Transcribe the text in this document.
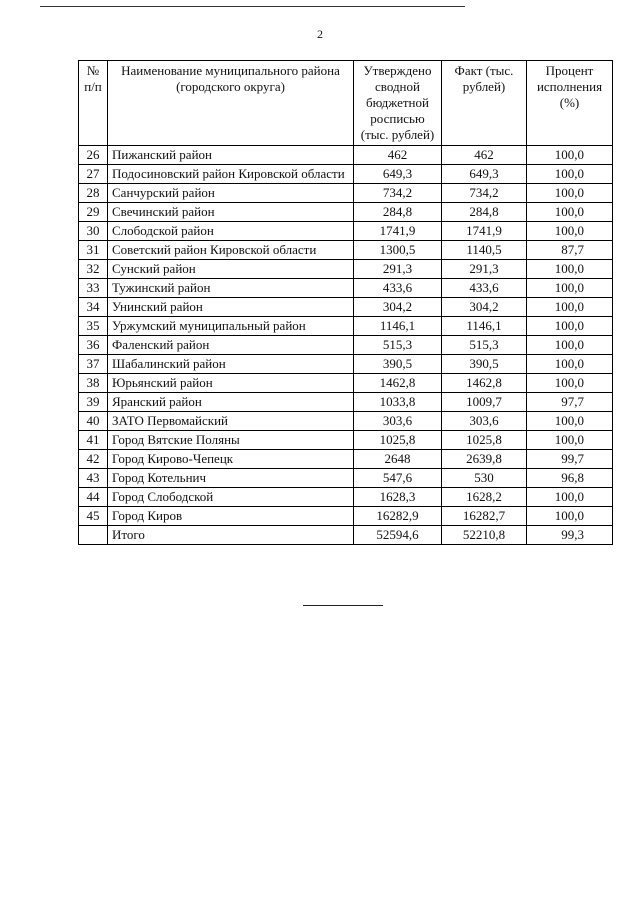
2
№ п/п	Наименование муниципального района (городского округа)	Утверждено сводной бюджетной росписью (тыс. рублей)	Факт (тыс. рублей)	Процент исполнения (%)
26	Пижанский район	462	462	100,0
27	Подосиновский район Кировской области	649,3	649,3	100,0
28	Санчурский район	734,2	734,2	100,0
29	Свечинский район	284,8	284,8	100,0
30	Слободской район	1741,9	1741,9	100,0
31	Советский район Кировской области	1300,5	1140,5	87,7
32	Сунский район	291,3	291,3	100,0
33	Тужинский район	433,6	433,6	100,0
34	Унинский район	304,2	304,2	100,0
35	Уржумский муниципальный район	1146,1	1146,1	100,0
36	Фаленский район	515,3	515,3	100,0
37	Шабалинский район	390,5	390,5	100,0
38	Юрьянский район	1462,8	1462,8	100,0
39	Яранский район	1033,8	1009,7	97,7
40	ЗАТО Первомайский	303,6	303,6	100,0
41	Город Вятские Поляны	1025,8	1025,8	100,0
42	Город Кирово-Чепецк	2648	2639,8	99,7
43	Город Котельнич	547,6	530	96,8
44	Город Слободской	1628,3	1628,2	100,0
45	Город Киров	16282,9	16282,7	100,0
	Итого	52594,6	52210,8	99,3
